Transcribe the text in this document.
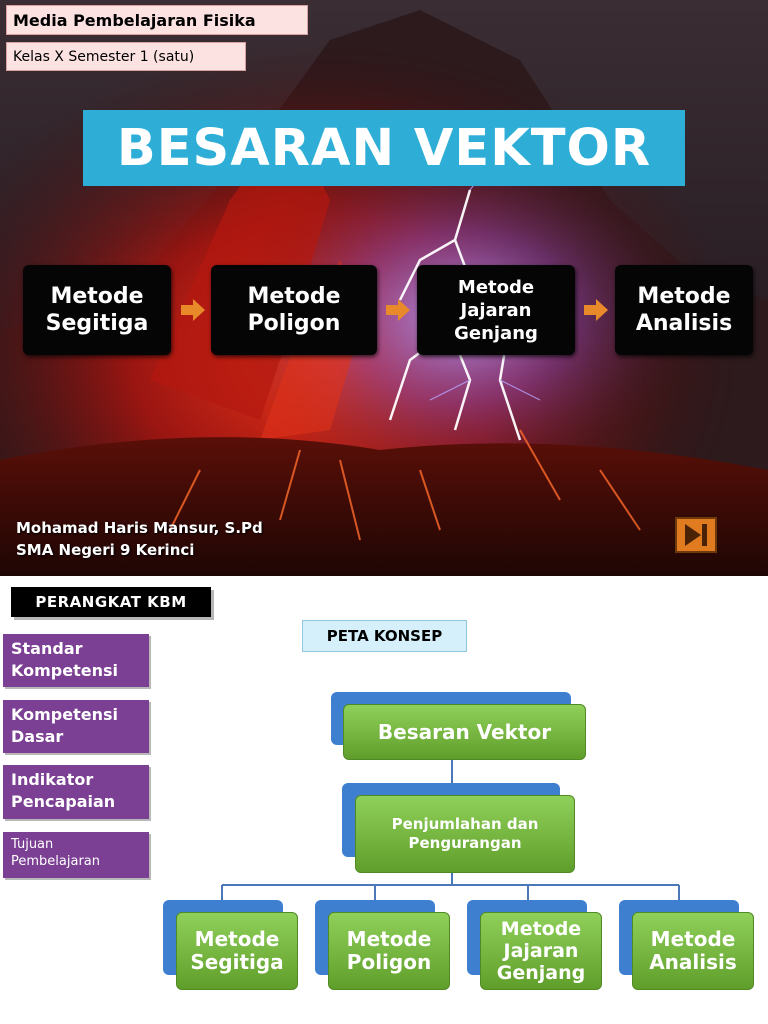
Media Pembelajaran Fisika
Kelas X Semester 1 (satu)
BESARAN VEKTOR
Metode
Segitiga
Metode
Poligon
Metode
Jajaran
Genjang
Metode
Analisis
Mohamad Haris Mansur, S.Pd
SMA Negeri 9 Kerinci
PERANGKAT KBM
Standar
Kompetensi
Kompetensi
Dasar
Indikator
Pencapaian
Tujuan
Pembelajaran
PETA KONSEP
Besaran Vektor
Penjumlahan dan
Pengurangan
Metode
Segitiga
Metode
Poligon
Metode
Jajaran
Genjang
Metode
Analisis
